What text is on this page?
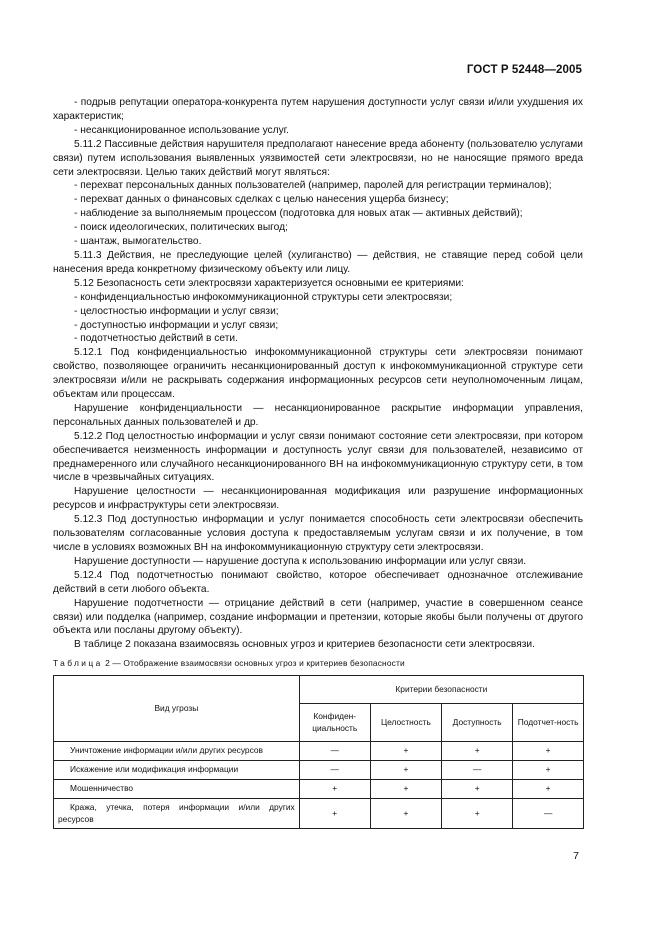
ГОСТ Р 52448—2005

- подрыв репутации оператора-конкурента путем нарушения доступности услуг связи и/или ухудшения их характеристик;

- несанкционированное использование услуг.

5.11.2 Пассивные действия нарушителя предполагают нанесение вреда абоненту (пользователю услугами связи) путем использования выявленных уязвимостей сети электросвязи, но не наносящие прямого вреда сети электросвязи. Целью таких действий могут являться:

- перехват персональных данных пользователей (например, паролей для регистрации терминалов);

- перехват данных о финансовых сделках с целью нанесения ущерба бизнесу;

- наблюдение за выполняемым процессом (подготовка для новых атак — активных действий);

- поиск идеологических, политических выгод;

- шантаж, вымогательство.

5.11.3 Действия, не преследующие целей (хулиганство) — действия, не ставящие перед собой цели нанесения вреда конкретному физическому объекту или лицу.

5.12 Безопасность сети электросвязи характеризуется основными ее критериями:

- конфиденциальностью инфокоммуникационной структуры сети электросвязи;

- целостностью информации и услуг связи;

- доступностью информации и услуг связи;

- подотчетностью действий в сети.

5.12.1 Под конфиденциальностью инфокоммуникационной структуры сети электросвязи понимают свойство, позволяющее ограничить несанкционированный доступ к инфокоммуникационной структуре сети электросвязи и/или не раскрывать содержания информационных ресурсов сети неуполномоченным лицам, объектам или процессам.

Нарушение конфиденциальности — несанкционированное раскрытие информации управления, персональных данных пользователей и др.

5.12.2 Под целостностью информации и услуг связи понимают состояние сети электросвязи, при котором обеспечивается неизменность информации и доступность услуг связи для пользователей, независимо от преднамеренного или случайного несанкционированного ВН на инфокоммуникационную структуру сети, в том числе в чрезвычайных ситуациях.

Нарушение целостности — несанкционированная модификация или разрушение информационных ресурсов и инфраструктуры сети электросвязи.

5.12.3 Под доступностью информации и услуг понимается способность сети электросвязи обеспечить пользователям согласованные условия доступа к предоставляемым услугам связи и их получение, в том числе в условиях возможных ВН на инфокоммуникационную структуру сети электросвязи.

Нарушение доступности — нарушение доступа к использованию информации или услуг связи.

5.12.4 Под подотчетностью понимают свойство, которое обеспечивает однозначное отслеживание действий в сети любого объекта.

Нарушение подотчетности — отрицание действий в сети (например, участие в совершенном сеансе связи) или подделка (например, создание информации и претензии, которые якобы были получены от другого объекта или посланы другому объекту).

В таблице 2 показана взаимосвязь основных угроз и критериев безопасности сети электросвязи.

Таблица 2 — Отображение взаимосвязи основных угроз и критериев безопасности
Вид угрозы	Критерии безопасности			
	Конфиден-циальность	Целостность	Доступность	Подотчет-ность
Уничтожение информации и/или других ресурсов	—	+	+	+
Искажение или модификация информации	—	+	—	+
Мошенничество	+	+	+	+
Кража, утечка, потеря информации и/или других ресурсов	+	+	+	—
7
